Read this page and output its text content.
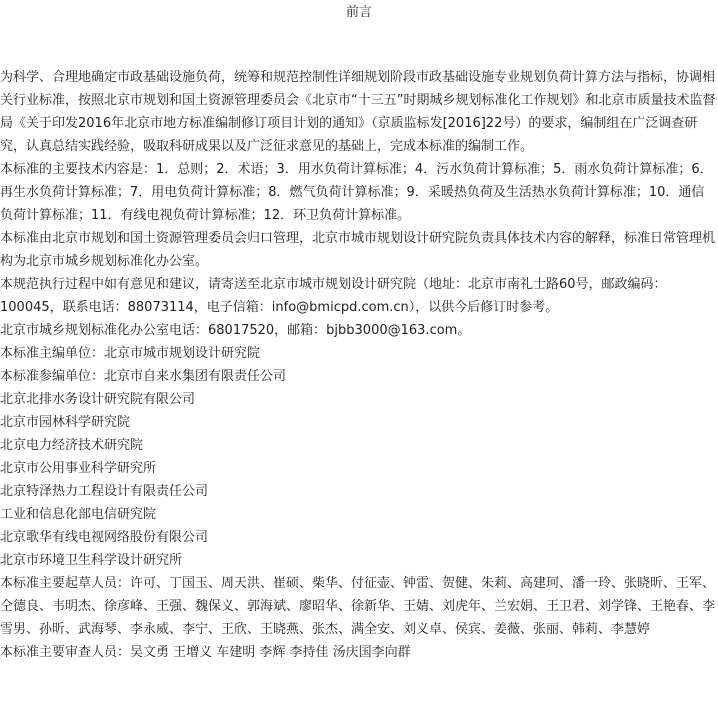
前言

为科学、合理地确定市政基础设施负荷，统筹和规范控制性详细规划阶段市政基础设施专业规划负荷计算方法与指标，协调相关行业标准，按照北京市规划和国土资源管理委员会《北京市“十三五”时期城乡规划标准化工作规划》和北京市质量技术监督局《关于印发2016年北京市地方标准编制修订项目计划的通知》（京质监标发[2016]22号）的要求，编制组在广泛调查研究，认真总结实践经验，吸取科研成果以及广泛征求意见的基础上，完成本标准的编制工作。

本标准的主要技术内容是：1．总则；2．术语；3．用水负荷计算标准；4．污水负荷计算标准；5．雨水负荷计算标准；6．再生水负荷计算标准；7．用电负荷计算标准；8．燃气负荷计算标准；9．采暖热负荷及生活热水负荷计算标准；10．通信负荷计算标准；11．有线电视负荷计算标准；12．环卫负荷计算标准。

本标准由北京市规划和国土资源管理委员会归口管理，北京市城市规划设计研究院负责具体技术内容的解释，标准日常管理机构为北京市城乡规划标准化办公室。

本规范执行过程中如有意见和建议，请寄送至北京市城市规划设计研究院（地址：北京市南礼士路60号，邮政编码：100045，联系电话：88073114，电子信箱：info@bmicpd.com.cn），以供今后修订时参考。

北京市城乡规划标准化办公室电话：68017520，邮箱：bjbb3000@163.com。

本标准主编单位：北京市城市规划设计研究院

本标准参编单位：北京市自来水集团有限责任公司

北京北排水务设计研究院有限公司

北京市园林科学研究院

北京电力经济技术研究院

北京市公用事业科学研究所

北京特泽热力工程设计有限责任公司

工业和信息化部电信研究院

北京歌华有线电视网络股份有限公司

北京市环境卫生科学设计研究所

本标准主要起草人员：许可、丁国玉、周天洪、崔硕、柴华、付征壶、钟雷、贺健、朱莉、高建珂、潘一玲、张晓昕、王军、仝德良、韦明杰、徐彦峰、王强、魏保义、郭海斌、廖昭华、徐新华、王婧、刘虎年、兰宏娟、王卫君、刘学锋、王艳春、李雪男、孙昕、武海琴、李永威、李宁、王欣、王晓燕、张杰、满全安、刘义卓、侯宾、姜薇、张丽、韩莉、李慧婷

本标准主要审查人员：吴文勇 王增义 车建明 李辉 李持佳 汤庆国李向群
